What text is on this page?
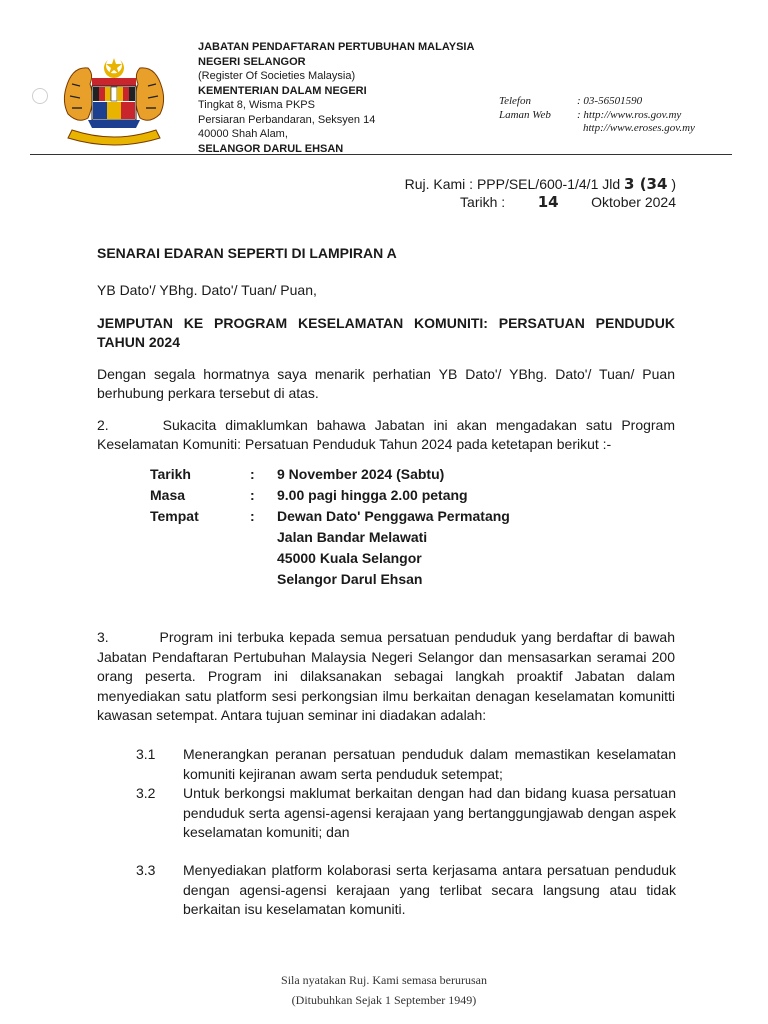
JABATAN PENDAFTARAN PERTUBUHAN MALAYSIA
NEGERI SELANGOR
(Register Of Societies Malaysia)
KEMENTERIAN DALAM NEGERI
Tingkat 8, Wisma PKPS
Persiaran Perbandaran, Seksyen 14
40000 Shah Alam,
SELANGOR DARUL EHSAN
Telefon	: 03-56501590
Laman Web	: http://www.ros.gov.my
http://www.eroses.gov.my
Ruj. Kami : PPP/SEL/600-1/4/1 Jld 3 (34 )
Tarikh :	14	Oktober 2024
SENARAI EDARAN SEPERTI DI LAMPIRAN A
YB Dato'/ YBhg. Dato'/ Tuan/ Puan,
JEMPUTAN KE PROGRAM KESELAMATAN KOMUNITI: PERSATUAN PENDUDUK TAHUN 2024
Dengan segala hormatnya saya menarik perhatian YB Dato'/ YBhg. Dato'/ Tuan/ Puan berhubung perkara tersebut di atas.
2.      Sukacita dimaklumkan bahawa Jabatan ini akan mengadakan satu Program Keselamatan Komuniti: Persatuan Penduduk Tahun 2024 pada ketetapan berikut :-
Tarikh	:	9 November 2024 (Sabtu)
Masa	:	9.00 pagi hingga 2.00 petang
Tempat	:	Dewan Dato' Penggawa Permatang
Jalan Bandar Melawati
45000 Kuala Selangor
Selangor Darul Ehsan
3.          Program ini terbuka kepada semua persatuan penduduk yang berdaftar di bawah Jabatan Pendaftaran Pertubuhan Malaysia Negeri Selangor dan mensasarkan seramai 200 orang peserta. Program ini dilaksanakan sebagai langkah proaktif Jabatan dalam menyediakan satu platform sesi perkongsian ilmu berkaitan denagan keselamatan komunitti kawasan setempat. Antara tujuan seminar ini diadakan adalah:
3.1 Menerangkan peranan persatuan penduduk dalam memastikan keselamatan komuniti kejiranan awam serta penduduk setempat;
3.2 Untuk berkongsi maklumat berkaitan dengan had dan bidang kuasa persatuan penduduk serta agensi-agensi kerajaan yang bertanggungjawab dengan aspek keselamatan komuniti; dan
3.3 Menyediakan platform kolaborasi serta kerjasama antara persatuan penduduk dengan agensi-agensi kerajaan yang terlibat secara langsung atau tidak berkaitan isu keselamatan komuniti.
Sila nyatakan Ruj. Kami semasa berurusan
(Ditubuhkan Sejak 1 September 1949)
